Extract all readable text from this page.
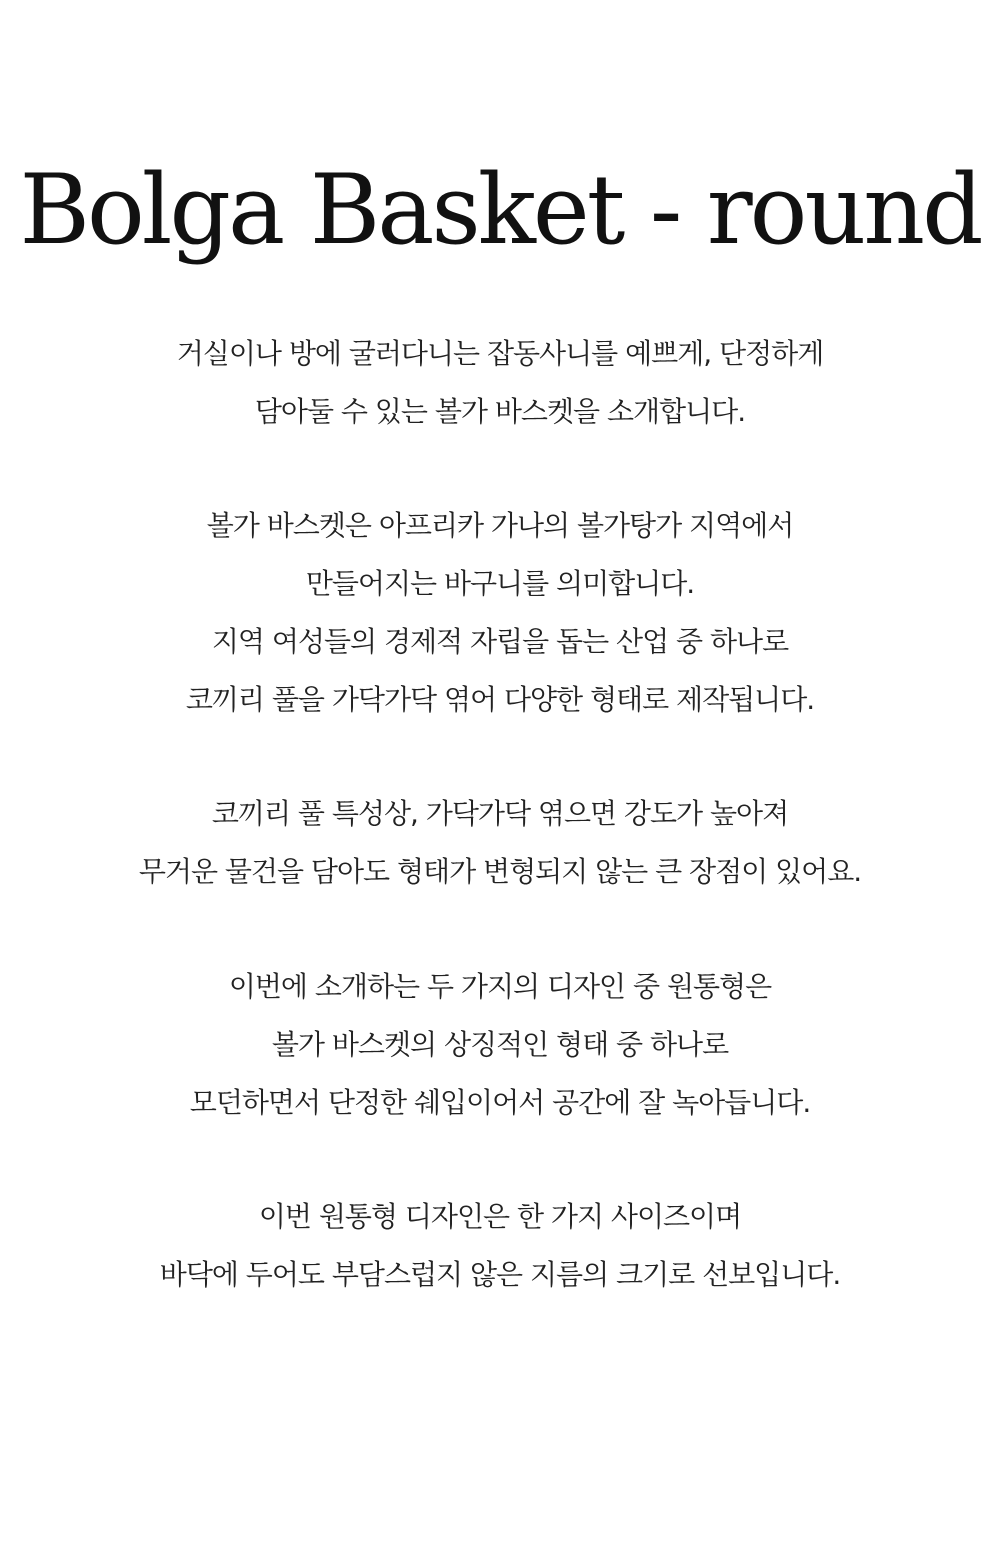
Bolga Basket - round
거실이나 방에 굴러다니는 잡동사니를 예쁘게, 단정하게
담아둘 수 있는 볼가 바스켓을 소개합니다.
볼가 바스켓은 아프리카 가나의 볼가탕가 지역에서
만들어지는 바구니를 의미합니다.
지역 여성들의 경제적 자립을 돕는 산업 중 하나로
코끼리 풀을 가닥가닥 엮어 다양한 형태로 제작됩니다.
코끼리 풀 특성상, 가닥가닥 엮으면 강도가 높아져
무거운 물건을 담아도 형태가 변형되지 않는 큰 장점이 있어요.
이번에 소개하는 두 가지의 디자인 중 원통형은
볼가 바스켓의 상징적인 형태 중 하나로
모던하면서 단정한 쉐입이어서 공간에 잘 녹아듭니다.
이번 원통형 디자인은 한 가지 사이즈이며
바닥에 두어도 부담스럽지 않은 지름의 크기로 선보입니다.
